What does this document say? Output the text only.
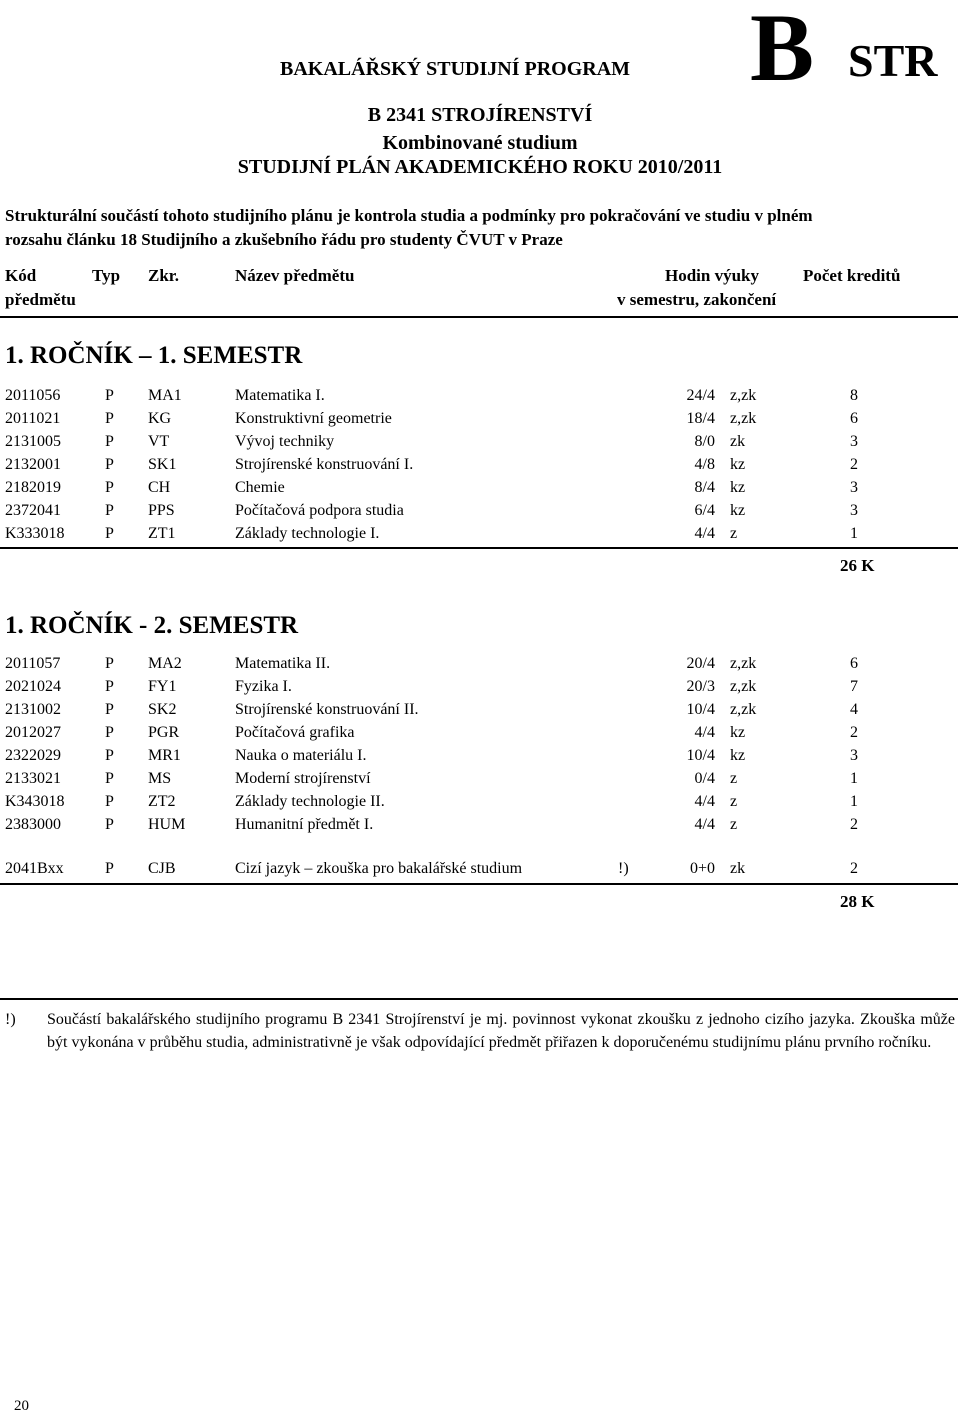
BAKALÁŘSKÝ STUDIJNÍ PROGRAM B STR
B 2341 STROJÍRENSTVÍ
Kombinované studium
STUDIJNÍ PLÁN AKADEMICKÉHO ROKU 2010/2011
Strukturální součástí tohoto studijního plánu je kontrola studia a podmínky pro pokračování ve studiu v plném
rozsahu článku 18 Studijního a zkušebního řádu pro studenty ČVUT v Praze
Kód	Typ Zkr.	Název předmětu	Hodin výuky	Počet kreditů
předmětu	v semestru, zakončení
1. ROČNÍK – 1. SEMESTR
2011056	P MA1	Matematika I.	24/4 z,zk	8
2011021	P KG	Konstruktivní geometrie	18/4 z,zk	6
2131005	P VT	Vývoj techniky	8/0 zk	3
2132001	P SK1	Strojírenské konstruování I.	4/8 kz	2
2182019	P CH	Chemie	8/4 kz	3
2372041	P PPS	Počítačová podpora studia	6/4 kz	3
K333018	P ZT1	Základy technologie I.	4/4 z	1
26 K
1. ROČNÍK - 2. SEMESTR
2011057	P MA2	Matematika II.	20/4 z,zk	6
2021024	P FY1	Fyzika I.	20/3 z,zk	7
2131002	P SK2	Strojírenské konstruování II.	10/4 z,zk	4
2012027	P PGR	Počítačová grafika	4/4 kz	2
2322029	P MR1	Nauka o materiálu I.	10/4 kz	3
2133021	P MS	Moderní strojírenství	0/4 z	1
K343018	P ZT2	Základy technologie II.	4/4 z	1
2383000	P HUM	Humanitní předmět I.	4/4 z	2
2041Bxx	P CJB	Cizí jazyk – zkouška pro bakalářské studium	!)	0+0 zk	2
28 K
!) Součástí bakalářského studijního programu B 2341 Strojírenství je mj. povinnost vykonat zkoušku z jednoho cizího jazyka. Zkouška může být vykonána v průběhu studia, administrativně je však odpovídající předmět přiřazen k doporučenému studijnímu plánu prvního ročníku.
20
